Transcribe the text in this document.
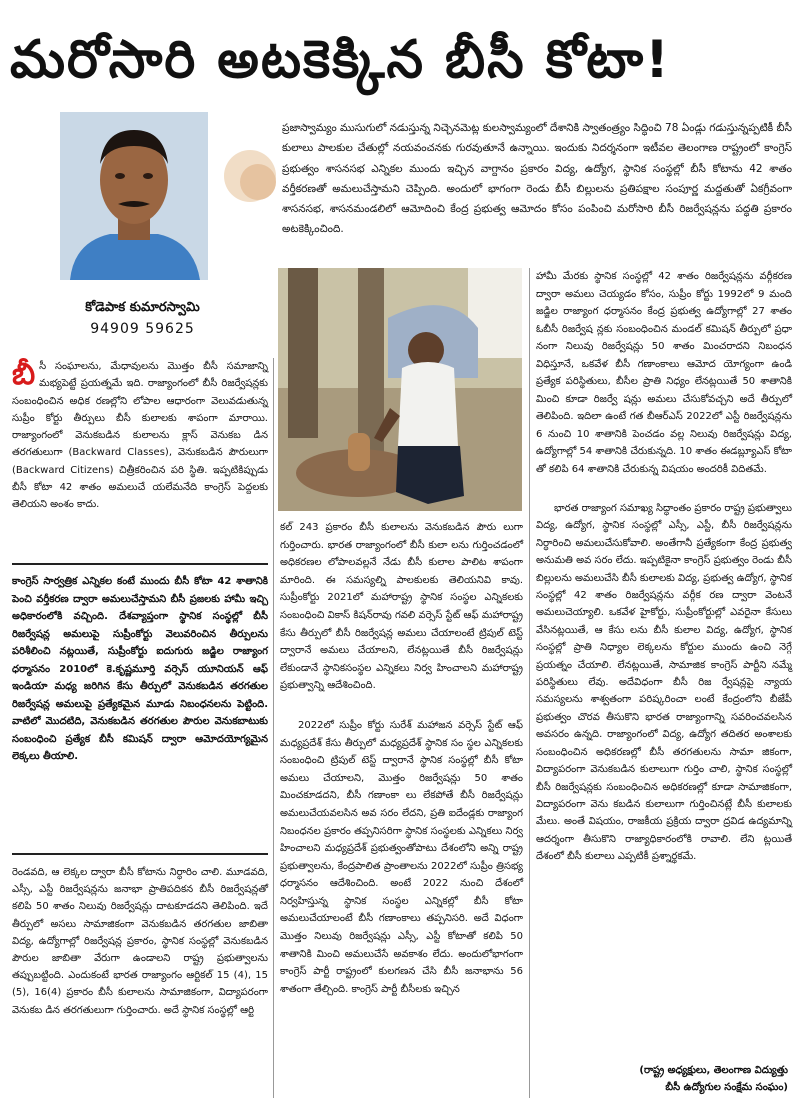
మరోసారి అటకెక్కిన బీసీ కోటా!
కోడెపాక కుమారస్వామి
94909 59625

ప్రజాస్వామ్యం ముసుగులో నడుస్తున్న నిచ్చెనమెట్ల కులస్వామ్యంలో దేశానికి స్వాతంత్ర్యం సిద్ధించి 78 ఏండ్లు గడుస్తున్నప్పటికీ బీసీ కులాలు పాలకుల చేతుల్లో నయవంచనకు గురవుతూనే ఉన్నాయి. ఇందుకు నిదర్శనంగా ఇటీవల తెలంగాణ రాష్ట్రంలో కాంగ్రెస్ ప్రభుత్వం శాసనసభ ఎన్నికల ముందు ఇచ్చిన వాగ్దానం ప్రకారం విద్య, ఉద్యోగ, స్థానిక సంస్థల్లో బీసీ కోటాను 42 శాతం వర్తీకరణతో అమలుచేస్తామని చెప్పింది. అందులో భాగంగా రెండు బీసీ బిల్లులను ప్రతిపక్షాల సంపూర్ణ మద్దతుతో ఏకగ్రీవంగా శాసనసభ, శాసనమండలిలో ఆమోదించి కేంద్ర ప్రభుత్వ ఆమోదం కోసం పంపించి మరోసారి బీసీ రిజర్వేషన్లను పద్ధతి ప్రకారం అటకెక్కించింది.

బీసీ సంఘాలను, మేధావులను మొత్తం బీసీ సమాజాన్ని మభ్యపెట్టే ప్రయత్నమే ఇది. రాజ్యాంగంలో బీసీ రిజర్వేషన్లకు సంబంధించిన అధిక రణల్లోని లోపాల ఆధారంగా వెలువడుతున్న సుప్రీం కోర్టు తీర్పులు బీసీ కులాలకు శాపంగా మారాయి. రాజ్యాంగంలో వెనుకబడిన కులాలను క్లాస్ వెనుకబ డిన తరగతులుగా (Backward Classes), వెనుకబడిన పౌరులుగా (Backward Citizens) చిత్రీకరించిన పరి స్థితి. ఇప్పటికిప్పుడు బీసీ కోటా 42 శాతం అమలుచే యలేమనేది కాంగ్రెస్ పెద్దలకు తెలియని అంశం కాదు.

కాంగ్రెస్ సార్వత్రిక ఎన్నికల కంటే ముందు బీసీ కోటా 42 శాతానికి పెంచి వర్తీకరణ ద్వారా అమలుచేస్తామని బీసీ ప్రజలకు హామీ ఇచ్చి అధికారంలోకి వచ్చింది. దేశవ్యాప్తంగా స్థానిక సంస్థల్లో బీసీ రిజర్వేషన్ల అమలుపై సుప్రీంకోర్టు వెలువరించిన తీర్పులను పరిశీలించి నట్లయితే, సుప్రీంకోర్టు ఐదుగురు జడ్జిల రాజ్యాంగ ధర్మాసనం 2010లో కె.కృష్ణమూర్తి వర్సెస్ యూనియన్ ఆఫ్ ఇండియా మధ్య జరిగిన కేసు తీర్పులో వెనుకబడిన తరగతుల రిజర్వేషన్ల అమలుపై ప్రత్యేకమైన మూడు నిబంధనలను పెట్టింది. వాటిలో మొదటిది, వెనుకబడిన తరగతుల పౌరుల వెనుకబాటుకు సంబంధించి ప్రత్యేక బీసీ కమిషన్ ద్వారా ఆమోదయోగ్యమైన లెక్కలు తీయాలి.

రెండవది, ఆ లెక్కల ద్వారా బీసీ కోటాను నిర్ధారిం చాలి. మూడవది, ఎస్సీ, ఎస్టీ రిజర్వేషన్లను జనాభా ప్రాతిపదికన బీసీ రిజర్వేషన్లతో కలిపి 50 శాతం నిలువు రిజర్వేషన్లు దాటకూడదని తెలిపింది. ఇదే తీర్పులో అసలు సామాజికంగా వెనుకబడిన తరగతుల జాబితా విద్య, ఉద్యోగాల్లో రిజర్వేషన్ల ప్రకారం, స్థానిక సంస్థల్లో వెనుకబడిన పౌరుల జాబితా వేరుగా ఉండాలని రాష్ట్ర ప్రభుత్వాలను తప్పుబట్టింది. ఎందుకంటే భారత రాజ్యాంగం ఆర్టికల్ 15 (4), 15 (5), 16(4) ప్రకారం బీసీ కులాలను సామాజికంగా, విద్యాపరంగా వెనుకబ డిన తరగతులుగా గుర్తించారు. అదే స్థానిక సంస్థల్లో ఆర్టి

కల్ 243 ప్రకారం బీసీ కులాలను వెనుకబడిన పౌరు లుగా గుర్తించారు. భారత రాజ్యాంగంలో బీసీ కులా లను గుర్తించడంలో అధికరణల లోపాలవల్లనే నేడు బీసీ కులాల పాలిట శాపంగా మారింది. ఈ సమస్యల్ని పాలకులకు తెలియనివి కావు. సుప్రీంకోర్టు 2021లో మహారాష్ట్ర స్థానిక సంస్థల ఎన్నికలకు సంబంధించి వికాస్ కిషన్‌రావు గవలి వర్సెస్ స్టేట్ ఆఫ్ మహారాష్ట్ర కేసు తీర్పులో బీసీ రిజర్వేషన్ల అమలు చేయాలంటే ట్రిపుల్ టెస్ట్ ద్వారానే అమలు చేయాలని, లేనట్లయితే బీసీ రిజర్వేషన్లు లేకుండానే స్థానికసంస్థల ఎన్నికలు నిర్వ హించాలని మహారాష్ట్ర ప్రభుత్వాన్ని ఆదేశించింది.

2022లో సుప్రీం కోర్టు సురేశ్ మహాజన వర్సెస్ స్టేట్ ఆఫ్ మధ్యప్రదేశ్ కేసు తీర్పులో మధ్యప్రదేశ్ స్థానిక సం స్థల ఎన్నికలకు సంబంధించి ట్రిపుల్ టెస్ట్ ద్వారానే స్థానిక సంస్థల్లో బీసీ కోటా అమలు చేయాలని, మొత్తం రిజర్వేషన్లు 50 శాతం మించకూడదని, బీసీ గణాంకా లు లేకపోతే బీసీ రిజర్వేషన్లు అమలుచేయవలసిన అవ సరం లేదని, ప్రతి ఐదేండ్లకు రాజ్యాంగ నిబంధనల ప్రకారం తప్పనిసరిగా స్థానిక సంస్థలకు ఎన్నికలు నిర్వ హించాలని మధ్యప్రదేశ్ ప్రభుత్వంతోపాటు దేశంలోని అన్ని రాష్ట్ర ప్రభుత్వాలను, కేంద్రపాలిత ప్రాంతాలను 2022లో సుప్రీం త్రిసభ్య ధర్మాసనం ఆదేశించింది. అంటే 2022 నుంచి దేశంలో నిర్వహిస్తున్న స్థానిక సంస్థల ఎన్నికల్లో బీసీ కోటా అమలుచేయాలంటే బీసీ గణాంకాలు తప్పనిసరి. అదే విధంగా మొత్తం నిలువు రిజర్వేషన్లు ఎస్సీ, ఎస్టీ కోటాతో కలిపి 50 శాతానికి మించి అమలుచేసే అవకాశం లేదు. అందులోభాగంగా కాంగ్రెస్ పార్టీ రాష్ట్రంలో కులగణన చేసి బీసీ జనాభాను 56 శాతంగా తేల్చింది. కాంగ్రెస్ పార్టీ బీసీలకు ఇచ్చిన

హామీ మేరకు స్థానిక సంస్థల్లో 42 శాతం రిజర్వేషన్లను వర్గీకరణ ద్వారా అమలు చెయ్యడం కోసం, సుప్రీం కోర్టు 1992లో 9 మంది జడ్జిల రాజ్యాంగ ధర్మాసనం కేంద్ర ప్రభుత్వ ఉద్యోగాల్లో 27 శాతం ఓబీసీ రిజర్వేష న్లకు సంబంధించిన మండల్ కమిషన్ తీర్పులో ప్రధా నంగా నిలువు రిజర్వేషన్లు 50 శాతం మించరాదని నిబంధన విధిస్తూనే, ఒకవేళ బీసీ గణాంకాలు ఆమోద యోగ్యంగా ఉండి ప్రత్యేక పరిస్థితులు, బీసీల ప్రాతి నిధ్యం లేనట్లయితే 50 శాతానికి మించి కూడా రిజర్వే షన్లు అమలు చేసుకోవచ్చని అదే తీర్పులో తెలిపింది. ఇదిలా ఉంటే గత బీఆర్ఎస్ 2022లో ఎస్టీ రిజర్వేషన్లను 6 నుంచి 10 శాతానికి పెంచడం వల్ల నిలువు రిజర్వేషన్లు విద్య, ఉద్యోగాల్లో 54 శాతానికి చేరుకున్నది. 10 శాతం ఈడబ్ల్యూఎస్ కోటా తో కలిపి 64 శాతానికి చేరుకున్న విషయం అందరికీ విదితమే.

భారత రాజ్యాంగ సమాఖ్య సిద్ధాంతం ప్రకారం రాష్ట్ర ప్రభుత్వాలు విద్య, ఉద్యోగ, స్థానిక సంస్థల్లో ఎస్సీ, ఎస్టీ, బీసీ రిజర్వేషన్లను నిర్ధారించి అమలుచేసుకోవాలి. అంతేగానీ ప్రత్యేకంగా కేంద్ర ప్రభుత్వ అనుమతి అవ సరం లేదు. ఇప్పటికైనా కాంగ్రెస్ ప్రభుత్వం రెండు బీసీ బిల్లులను అమలుచేసి బీసీ కులాలకు విద్య, ప్రభుత్వ ఉద్యోగ, స్థానిక సంస్థల్లో 42 శాతం రిజర్వేషన్లను వర్గీక రణ ద్వారా వెంటనే అమలుచెయ్యాలి. ఒకవేళ హైకోర్టు, సుప్రీంకోర్టుల్లో ఎవరైనా కేసులు వేసినట్లయితే, ఆ కేసు లను బీసీ కులాల విద్య, ఉద్యోగ, స్థానిక సంస్థల్లో ప్రాతి నిధ్యాల లెక్కలను కోర్టుల ముందు ఉంచి నెగ్గే ప్రయత్నం చేయాలి. లేనట్లయితే, సామాజిక కాంగ్రెస్ పార్టీని నమ్మే పరిస్థితులు లేవు. అదేవిధంగా బీసీ రిజ ర్వేషన్లపై న్యాయ సమస్యలను శాశ్వతంగా పరిష్కరించా లంటే కేంద్రంలోని బీజేపీ ప్రభుత్వం చొరవ తీసుకొని భారత రాజ్యాంగాన్ని సవరించవలసిన అవసరం ఉన్నది. రాజ్యాంగంలో విద్య, ఉద్యోగ తదితర అంశాలకు సంబంధించిన అధికరణల్లో బీసీ తరగతులను సామా జికంగా, విద్యాపరంగా వెనుకబడిన కులాలుగా గుర్తిం చాలి, స్థానిక సంస్థల్లో బీసీ రిజర్వేషన్లకు సంబంధించిన అధికరణల్లో కూడా సామాజికంగా, విద్యాపరంగా వెను కబడిన కులాలుగా గుర్తించినట్లే బీసీ కులాలకు మేలు. అంతే విషయం, రాజకీయ ప్రక్రియ ద్వారా ద్రవిడ ఉద్యమాన్ని ఆదర్శంగా తీసుకొని రాజ్యాధికారంలోకి రావాలి. లేని ట్లయితే దేశంలో బీసీ కులాలు ఎప్పటికీ ప్రశ్నార్థకమే.

(రాష్ట్ర అధ్యక్షులు, తెలంగాణ విద్యుత్తు
బీసీ ఉద్యోగుల సంక్షేమ సంఘం)
